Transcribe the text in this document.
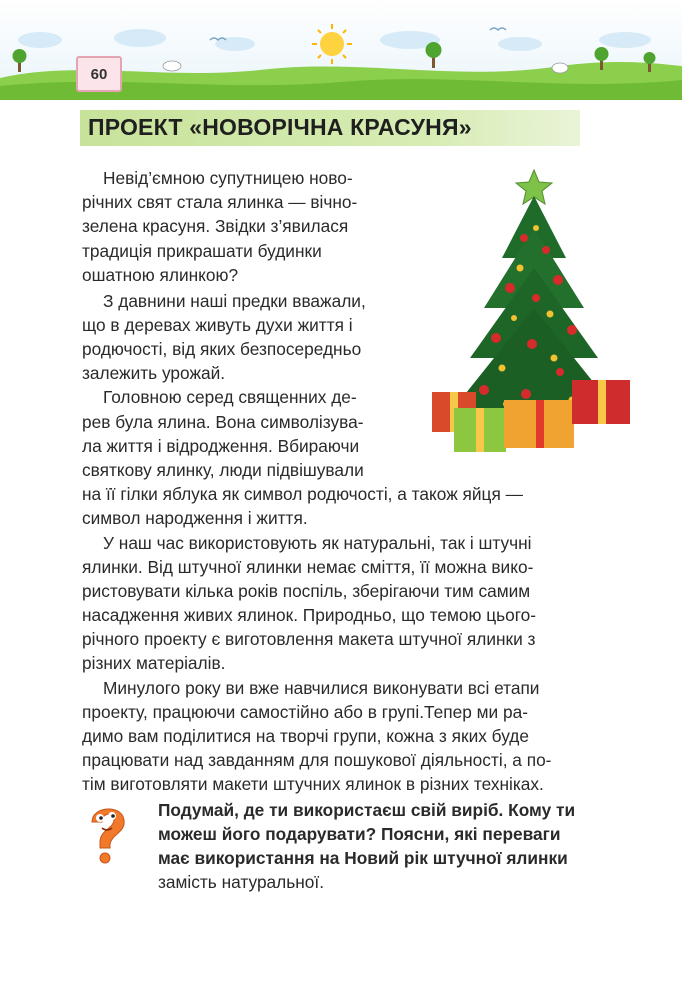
60
ПРОЕКТ «НОВОРІЧНА КРАСУНЯ»
Невід’ємною супутницею ново-
річних свят стала ялинка — вічно-
зелена красуня. Звідки з’явилася
традиція прикрашати будинки
ошатною ялинкою?
З давнини наші предки вважали,
що в деревах живуть духи життя і
родючості, від яких безпосередньо
залежить урожай.
Головною серед священних де-
рев була ялина. Вона символізува-
ла життя і відродження. Вбираючи
святкову ялинку, люди підвішували
на її гілки яблука як символ родючості, а також яйця —
символ народження і життя.
У наш час використовують як натуральні, так і штучні
ялинки. Від штучної ялинки немає сміття, її можна вико-
ристовувати кілька років поспіль, зберігаючи тим самим
насадження живих ялинок. Природньо, що темою цього-
річного проекту є виготовлення макета штучної ялинки з
різних матеріалів.
Минулого року ви вже навчилися виконувати всі етапи
проекту, працюючи самостійно або в групі.Тепер ми ра-
димо вам поділитися на творчі групи, кожна з яких буде
працювати над завданням для пошукової діяльності, а по-
тім виготовляти макети штучних ялинок в різних техніках.
Подумай, де ти використаєш свій виріб. Кому ти
можеш його подарувати? Поясни, які переваги
має використання на Новий рік штучної ялинки
замість натуральної.
